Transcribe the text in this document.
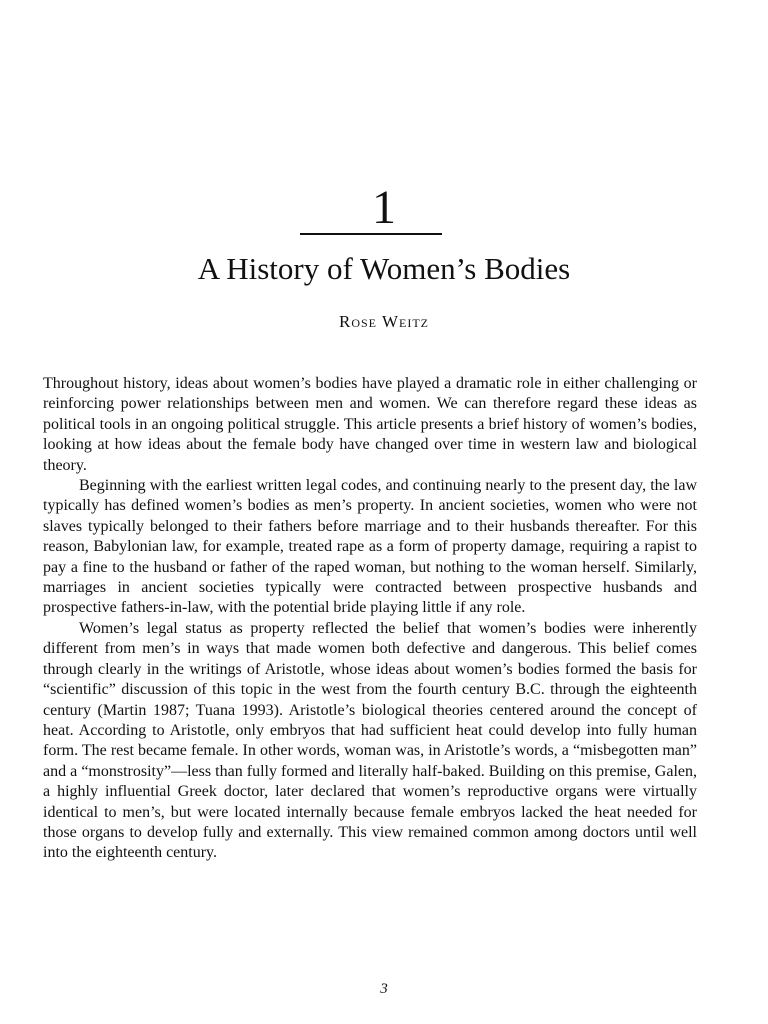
1
A History of Women’s Bodies
Rose Weitz

Throughout history, ideas about women’s bodies have played a dramatic role in either challenging or reinforcing power relationships between men and women. We can therefore regard these ideas as political tools in an ongoing political struggle. This article presents a brief history of women’s bodies, looking at how ideas about the female body have changed over time in western law and biological theory.

Beginning with the earliest written legal codes, and continuing nearly to the present day, the law typically has defined women’s bodies as men’s property. In ancient societies, women who were not slaves typically belonged to their fathers before marriage and to their husbands thereafter. For this reason, Babylonian law, for example, treated rape as a form of property damage, requiring a rapist to pay a fine to the husband or father of the raped woman, but nothing to the woman herself. Similarly, marriages in ancient societies typically were contracted between prospective husbands and prospective fathers-in-law, with the potential bride playing little if any role.

Women’s legal status as property reflected the belief that women’s bodies were inherently different from men’s in ways that made women both defective and dangerous. This belief comes through clearly in the writings of Aristotle, whose ideas about women’s bodies formed the basis for “scientific” discussion of this topic in the west from the fourth century B.C. through the eighteenth century (Martin 1987; Tuana 1993). Aristotle’s biological theories centered around the concept of heat. According to Aristotle, only embryos that had sufficient heat could develop into fully human form. The rest became female. In other words, woman was, in Aristotle’s words, a “misbegotten man” and a “monstrosity”—less than fully formed and literally half-baked. Building on this premise, Galen, a highly influential Greek doctor, later declared that women’s reproductive organs were virtually identical to men’s, but were located internally because female embryos lacked the heat needed for those organs to develop fully and externally. This view remained common among doctors until well into the eighteenth century.

3
